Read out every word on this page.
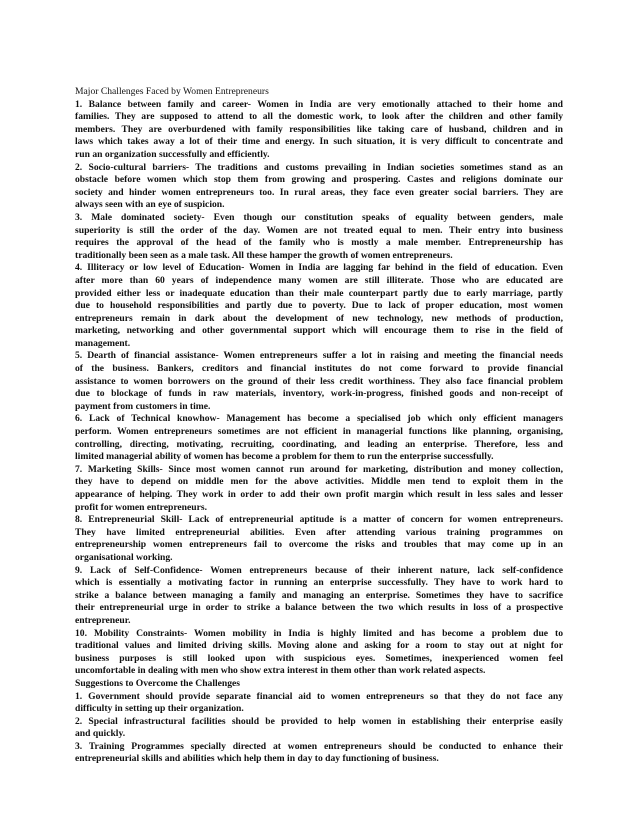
Major Challenges Faced by Women Entrepreneurs
1. Balance between family and career- Women in India are very emotionally attached to their home and
families. They are supposed to attend to all the domestic work, to look after the children and other family
members. They are overburdened with family responsibilities like taking care of husband, children and in
laws which takes away a lot of their time and energy. In such situation, it is very difficult to concentrate and
run an organization successfully and efficiently.
2. Socio-cultural barriers- The traditions and customs prevailing in Indian societies sometimes stand as an
obstacle before women which stop them from growing and prospering. Castes and religions dominate our
society and hinder women entrepreneurs too. In rural areas, they face even greater social barriers. They are
always seen with an eye of suspicion.
3. Male dominated society- Even though our constitution speaks of equality between genders, male
superiority is still the order of the day. Women are not treated equal to men. Their entry into business
requires the approval of the head of the family who is mostly a male member. Entrepreneurship has
traditionally been seen as a male task. All these hamper the growth of women entrepreneurs.
4. Illiteracy or low level of Education- Women in India are lagging far behind in the field of education. Even
after more than 60 years of independence many women are still illiterate. Those who are educated are
provided either less or inadequate education than their male counterpart partly due to early marriage, partly
due to household responsibilities and partly due to poverty. Due to lack of proper education, most women
entrepreneurs remain in dark about the development of new technology, new methods of production,
marketing, networking and other governmental support which will encourage them to rise in the field of
management.
5. Dearth of financial assistance- Women entrepreneurs suffer a lot in raising and meeting the financial needs
of the business. Bankers, creditors and financial institutes do not come forward to provide financial
assistance to women borrowers on the ground of their less credit worthiness. They also face financial problem
due to blockage of funds in raw materials, inventory, work-in-progress, finished goods and non-receipt of
payment from customers in time.
6. Lack of Technical knowhow- Management has become a specialised job which only efficient managers
perform. Women entrepreneurs sometimes are not efficient in managerial functions like planning, organising,
controlling, directing, motivating, recruiting, coordinating, and leading an enterprise. Therefore, less and
limited managerial ability of women has become a problem for them to run the enterprise successfully.
7. Marketing Skills- Since most women cannot run around for marketing, distribution and money collection,
they have to depend on middle men for the above activities. Middle men tend to exploit them in the
appearance of helping. They work in order to add their own profit margin which result in less sales and lesser
profit for women entrepreneurs.
8. Entrepreneurial Skill- Lack of entrepreneurial aptitude is a matter of concern for women entrepreneurs.
They have limited entrepreneurial abilities. Even after attending various training programmes on
entrepreneurship women entrepreneurs fail to overcome the risks and troubles that may come up in an
organisational working.
9. Lack of Self-Confidence- Women entrepreneurs because of their inherent nature, lack self-confidence
which is essentially a motivating factor in running an enterprise successfully. They have to work hard to
strike a balance between managing a family and managing an enterprise. Sometimes they have to sacrifice
their entrepreneurial urge in order to strike a balance between the two which results in loss of a prospective
entrepreneur.
10. Mobility Constraints- Women mobility in India is highly limited and has become a problem due to
traditional values and limited driving skills. Moving alone and asking for a room to stay out at night for
business purposes is still looked upon with suspicious eyes. Sometimes, inexperienced women feel
uncomfortable in dealing with men who show extra interest in them other than work related aspects.
Suggestions to Overcome the Challenges
1. Government should provide separate financial aid to women entrepreneurs so that they do not face any
difficulty in setting up their organization.
2. Special infrastructural facilities should be provided to help women in establishing their enterprise easily
and quickly.
3. Training Programmes specially directed at women entrepreneurs should be conducted to enhance their
entrepreneurial skills and abilities which help them in day to day functioning of business.
